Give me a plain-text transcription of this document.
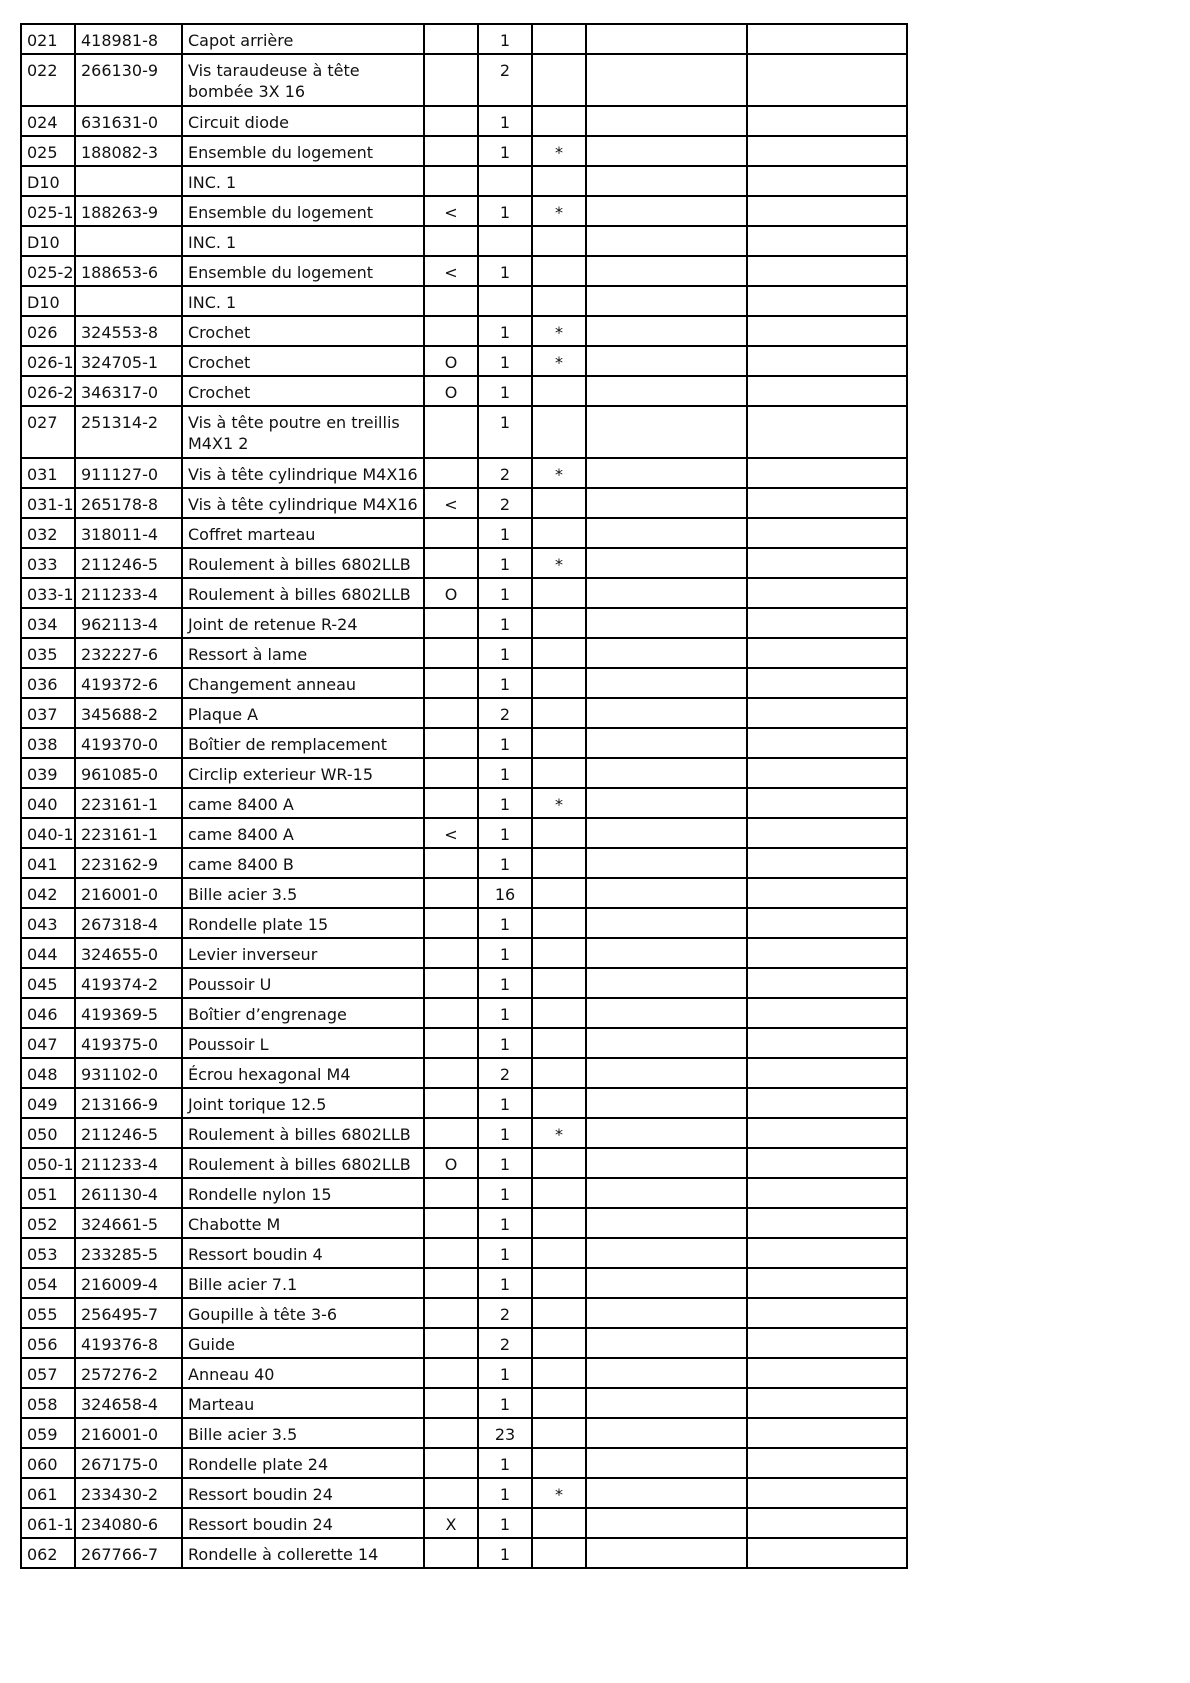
021	418981-8	Capot arrière		1			

022	266130-9	Vis taraudeuse à tête bombée 3X 16		2			

024	631631-0	Circuit diode		1			

025	188082-3	Ensemble du logement		1	*		

D10		INC. 1					

025-1	188263-9	Ensemble du logement	<	1	*		

D10		INC. 1					

025-2	188653-6	Ensemble du logement	<	1			

D10		INC. 1					

026	324553-8	Crochet		1	*		

026-1	324705-1	Crochet	O	1	*		

026-2	346317-0	Crochet	O	1			

027	251314-2	Vis à tête poutre en treillis M4X1 2		1			

031	911127-0	Vis à tête cylindrique M4X16		2	*		

031-1	265178-8	Vis à tête cylindrique M4X16	<	2			

032	318011-4	Coffret marteau		1			

033	211246-5	Roulement à billes 6802LLB		1	*		

033-1	211233-4	Roulement à billes 6802LLB	O	1			

034	962113-4	Joint de retenue R-24		1			

035	232227-6	Ressort à lame		1			

036	419372-6	Changement anneau		1			

037	345688-2	Plaque A		2			

038	419370-0	Boîtier de remplacement		1			

039	961085-0	Circlip exterieur WR-15		1			

040	223161-1	came 8400 A		1	*		

040-1	223161-1	came 8400 A	<	1			

041	223162-9	came 8400 B		1			

042	216001-0	Bille acier 3.5		16			

043	267318-4	Rondelle plate 15		1			

044	324655-0	Levier inverseur		1			

045	419374-2	Poussoir U		1			

046	419369-5	Boîtier d’engrenage		1			

047	419375-0	Poussoir L		1			

048	931102-0	Écrou hexagonal M4		2			

049	213166-9	Joint torique 12.5		1			

050	211246-5	Roulement à billes 6802LLB		1	*		

050-1	211233-4	Roulement à billes 6802LLB	O	1			

051	261130-4	Rondelle nylon 15		1			

052	324661-5	Chabotte M		1			

053	233285-5	Ressort boudin 4		1			

054	216009-4	Bille acier 7.1		1			

055	256495-7	Goupille à tête 3-6		2			

056	419376-8	Guide		2			

057	257276-2	Anneau 40		1			

058	324658-4	Marteau		1			

059	216001-0	Bille acier 3.5		23			

060	267175-0	Rondelle plate 24		1			

061	233430-2	Ressort boudin 24		1	*		

061-1	234080-6	Ressort boudin 24	X	1			

062	267766-7	Rondelle à collerette 14		1			
